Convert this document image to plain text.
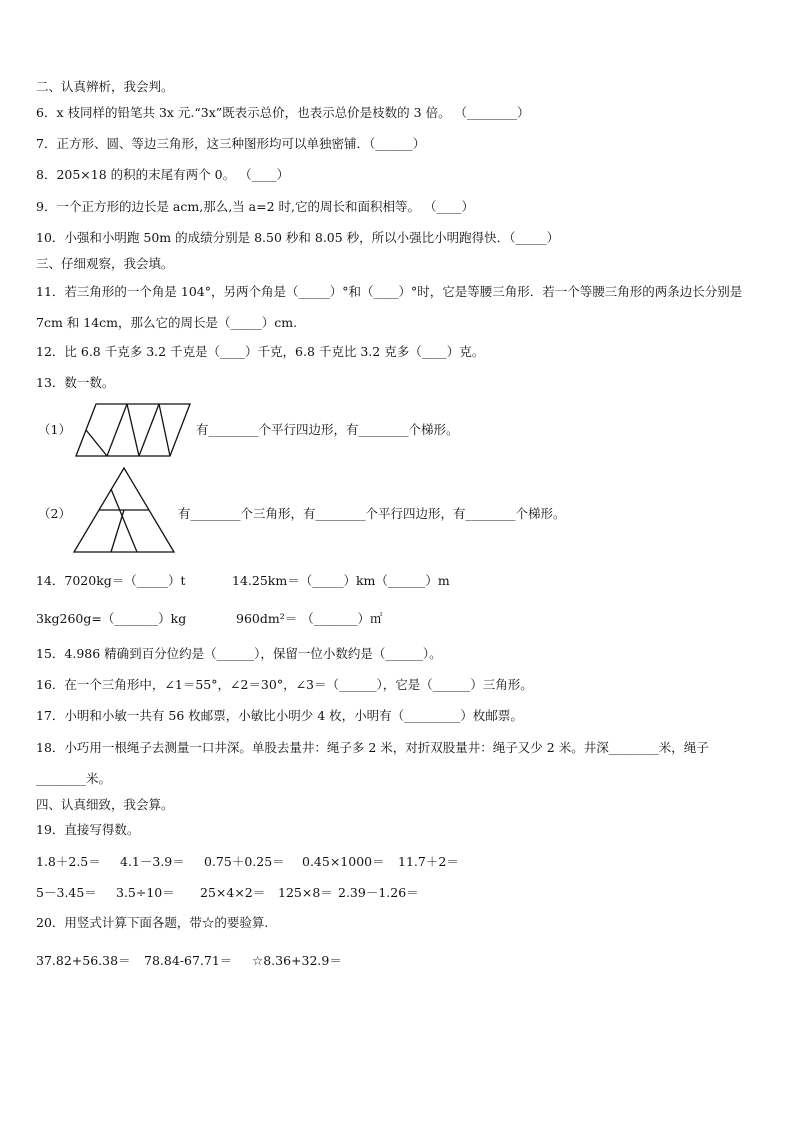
二、认真辨析，我会判。
6．x 枝同样的铅笔共 3x 元.“3x”既表示总价，也表示总价是枝数的 3 倍。 （________）
7．正方形、圆、等边三角形，这三种图形均可以单独密铺．（______）
8．205×18 的积的末尾有两个 0。 （____）
9．一个正方形的边长是 acm,那么,当 a=2 时,它的周长和面积相等。 （____）
10．小强和小明跑 50m 的成绩分别是 8.50 秒和 8.05 秒，所以小强比小明跑得快．（_____）
三、仔细观察，我会填。
11．若三角形的一个角是 104°，另两个角是（_____）°和（____）°时，它是等腰三角形．若一个等腰三角形的两条边长分别是 7cm 和 14cm，那么它的周长是（_____）cm.
12．比 6.8 千克多 3.2 千克是（____）千克，6.8 千克比 3.2 克多（____）克。
13．数一数。
（1）	有________个平行四边形，有________个梯形。
（2）	有________个三角形，有________个平行四边形，有________个梯形。
14．7020kg＝（_____）t	14.25km＝（_____）km（______）m
3kg260g=（_______）kg	960dm²＝ （_______）㎡
15．4.986 精确到百分位约是（______），保留一位小数约是（______）。
16．在一个三角形中，∠1＝55°，∠2＝30°，∠3＝（______），它是（______）三角形。
17．小明和小敏一共有 56 枚邮票，小敏比小明少 4 枚，小明有（_________）枚邮票。
18．小巧用一根绳子去测量一口井深。单股去量井：绳子多 2 米，对折双股量井：绳子又少 2 米。井深________米，绳子________米。
四、认真细致，我会算。
19．直接写得数。
1.8＋2.5＝ 4.1－3.9＝ 0.75＋0.25＝ 0.45×1000＝ 11.7＋2＝
5－3.45＝ 3.5÷10＝ 25×4×2＝ 125×8＝ 2.39－1.26＝
20．用竖式计算下面各题，带☆的要验算.
37.82+56.38＝ 78.84-67.71＝ ☆8.36+32.9＝
